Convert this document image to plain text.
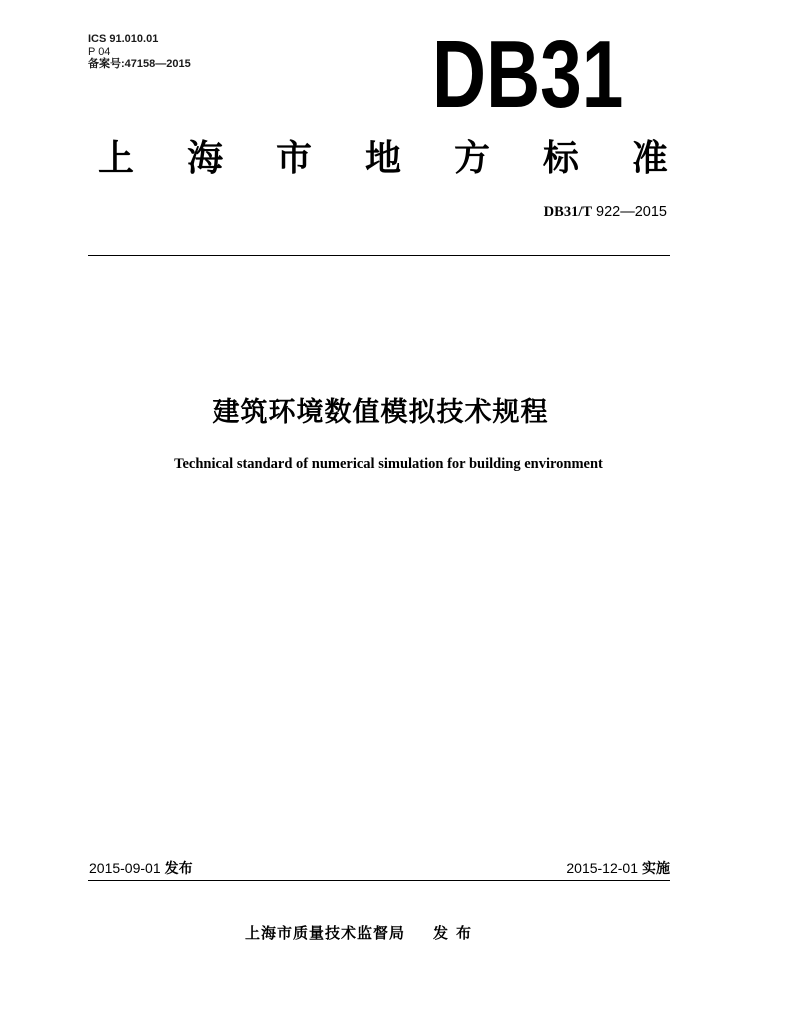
ICS 91.010.01
P 04
备案号:47158—2015	DB31
上 海 市 地 方 标 准
DB31/T 922—2015
建筑环境数值模拟技术规程
Technical standard of numerical simulation for building environment
2015-09-01 发布	2015-12-01 实施
上海市质量技术监督局 发布
